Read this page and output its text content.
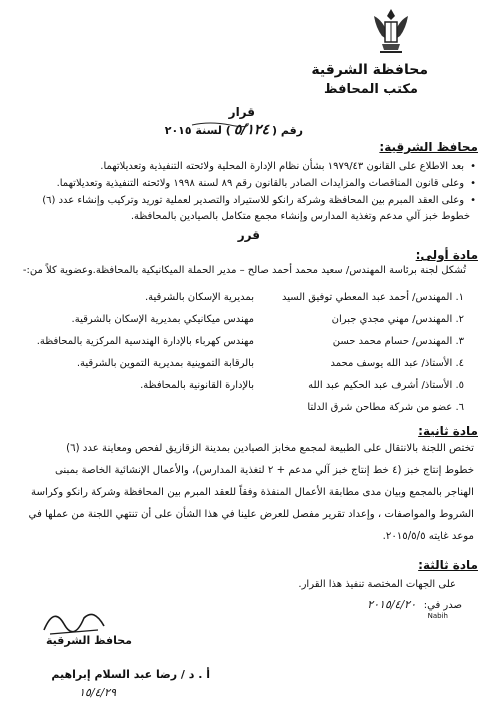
محافظة الشرقية
مكتب المحافظ
قرار
رقم (٥/١٢٤) لسنة ٢٠١٥
محافظ الشرقية:
• بعد الاطلاع على القانون ١٩٧٩/٤٣ بشأن نظام الإدارة المحلية ولائحته التنفيذية وتعديلاتهما.
• وعلى قانون المناقصات والمزايدات الصادر بالقانون رقم ٨٩ لسنة ١٩٩٨ ولائحته التنفيذية وتعديلاتهما.
• وعلى العقد المبرم بين المحافظة وشركة رانكو للاستيراد والتصدير لعملية توريد وتركيب وإنشاء عدد (٦)
خطوط خبز آلي مدعم وتغذية المدارس وإنشاء مجمع متكامل بالصيادين بالمحافظة.
قرر
مادة أولى:
تُشكل لجنة برئاسة المهندس/ سعيد محمد أحمد صالح – مدير الحملة الميكانيكية بالمحافظة.وعضوية كلاً من:-
١. المهندس/ أحمد عبد المعطي توفيق السيد
بمديرية الإسكان بالشرقية.
٢. المهندس/ مهني مجدي جبران
مهندس ميكانيكي بمديرية الإسكان بالشرقية.
٣. المهندس/ حسام محمد حسن
مهندس كهرباء بالإدارة الهندسية المركزية بالمحافظة.
٤. الأستاذ/ عبد الله يوسف محمد
بالرقابة التموينية بمديرية التموين بالشرقية.
٥. الأستاذ/ أشرف عبد الحكيم عبد الله
بالإدارة القانونية بالمحافظة.
٦. عضو من شركة مطاحن شرق الدلتا
مادة ثانية:
تختص اللجنة بالانتقال على الطبيعة لمجمع مخابز الصيادين بمدينة الزقازيق لفحص ومعاينة عدد (٦)
خطوط إنتاج خبز (٤ خط إنتاج خبز آلي مدعم + ٢ لتغذية المدارس)، والأعمال الإنشائية الخاصة بمبنى
الهناجر بالمجمع وبيان مدى مطابقة الأعمال المنفذة وفقاً للعقد المبرم بين المحافظة وشركة رانكو وكراسة
الشروط والمواصفات ، وإعداد تقرير مفصل للعرض علينا في هذا الشأن على أن تنتهي اللجنة من عملها في
موعد غايته ٢٠١٥/٥/٥.
مادة ثالثة:
على الجهات المختصة تنفيذ هذا القرار.
صدر في:
٢٠١٥/٤/٢٠
Nabih
محافظ الشرقية
أ . د / رضا عبد السلام إبراهيم
١٥/٤/٢٩
